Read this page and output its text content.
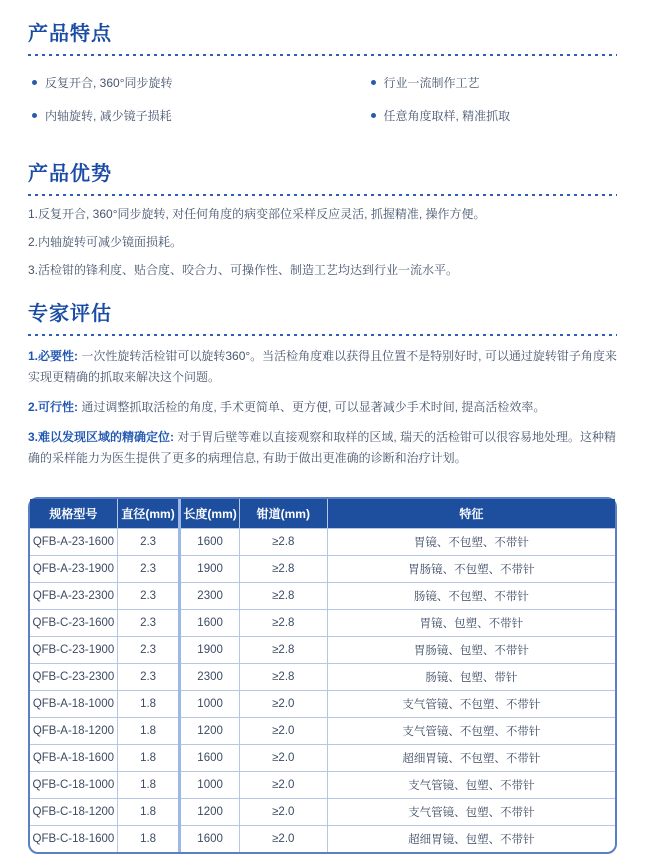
产品特点
反复开合, 360°同步旋转
内轴旋转, 减少镜子损耗
行业一流制作工艺
任意角度取样, 精准抓取
产品优势

1.反复开合, 360°同步旋转, 对任何角度的病变部位采样反应灵活, 抓握精准, 操作方便。

2.内轴旋转可减少镜面损耗。

3.活检钳的锋利度、贴合度、咬合力、可操作性、制造工艺均达到行业一流水平。

专家评估

1.必要性: 一次性旋转活检钳可以旋转360°。当活检角度难以获得且位置不是特别好时, 可以通过旋转钳子角度来实现更精确的抓取来解决这个问题。

2.可行性: 通过调整抓取活检的角度, 手术更简单、更方便, 可以显著减少手术时间, 提高活检效率。

3.难以发现区域的精确定位: 对于胃后壁等难以直接观察和取样的区域, 瑞天的活检钳可以很容易地处理。这种精确的采样能力为医生提供了更多的病理信息, 有助于做出更准确的诊断和治疗计划。

规格型号	直径(mm)	长度(mm)	钳道(mm)	特征
QFB-A-23-1600	2.3	1600	≥2.8	胃镜、不包塑、不带针
QFB-A-23-1900	2.3	1900	≥2.8	胃肠镜、不包塑、不带针
QFB-A-23-2300	2.3	2300	≥2.8	肠镜、不包塑、不带针
QFB-C-23-1600	2.3	1600	≥2.8	胃镜、包塑、不带针
QFB-C-23-1900	2.3	1900	≥2.8	胃肠镜、包塑、不带针
QFB-C-23-2300	2.3	2300	≥2.8	肠镜、包塑、带针
QFB-A-18-1000	1.8	1000	≥2.0	支气管镜、不包塑、不带针
QFB-A-18-1200	1.8	1200	≥2.0	支气管镜、不包塑、不带针
QFB-A-18-1600	1.8	1600	≥2.0	超细胃镜、不包塑、不带针
QFB-C-18-1000	1.8	1000	≥2.0	支气管镜、包塑、不带针
QFB-C-18-1200	1.8	1200	≥2.0	支气管镜、包塑、不带针
QFB-C-18-1600	1.8	1600	≥2.0	超细胃镜、包塑、不带针
